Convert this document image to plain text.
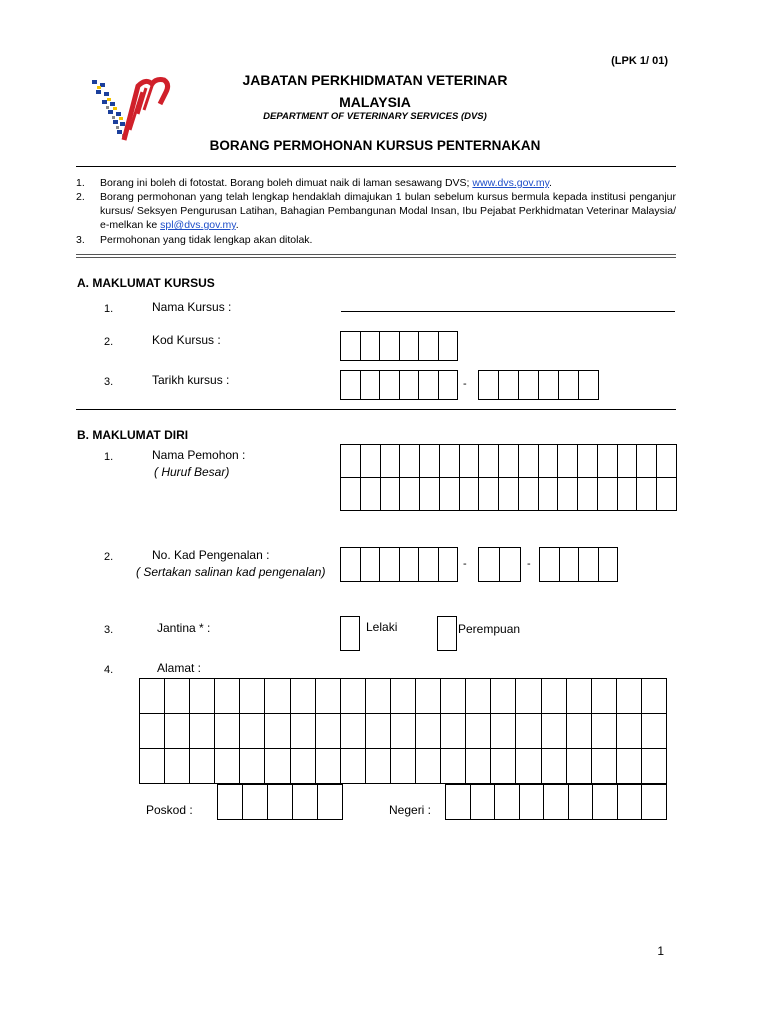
(LPK 1/ 01)
JABATAN PERKHIDMATAN VETERINAR
MALAYSIA
DEPARTMENT OF VETERINARY SERVICES (DVS)
BORANG PERMOHONAN KURSUS PENTERNAKAN
1.	Borang ini boleh di fotostat. Borang boleh dimuat naik di laman sesawang DVS; www.dvs.gov.my.
2.	Borang permohonan yang telah lengkap hendaklah dimajukan 1 bulan sebelum kursus bermula kepada institusi penganjur kursus/ Seksyen Pengurusan Latihan, Bahagian Pembangunan Modal Insan, Ibu Pejabat Perkhidmatan Veterinar Malaysia/ e-melkan ke spl@dvs.gov.my.
3.	Permohonan yang tidak lengkap akan ditolak.
A. MAKLUMAT KURSUS
1.	Nama Kursus :
2.	Kod Kursus :
3.	Tarikh kursus :	-
B. MAKLUMAT DIRI
1.	Nama Pemohon :
( Huruf Besar)
2.	No. Kad Pengenalan :
( Sertakan salinan kad pengenalan)
-	-
3.	Jantina * :	Lelaki	Perempuan
4.	Alamat :
Poskod :	Negeri :
1
